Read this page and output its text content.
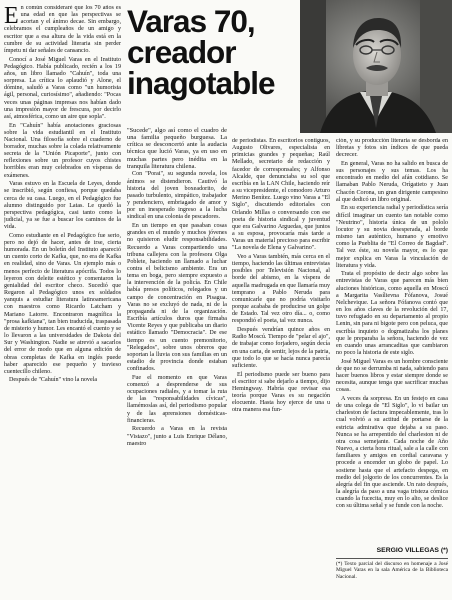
En común consideraré que los 70 años es una edad en que las perspectivas se acortan y el ánimo decae. Sin embargo, celebramos el cumpleaños de un amigo y escritor que a esa altura de la vida está en la cumbre de su actividad literaria sin perder ímpetu ni dar señales de cansancio.

Conocí a José Miguel Varas en el Instituto Pedagógico. Había publicado, recién a los 19 años, un libro llamado "Cahuín", toda una sorpresa. La crítica lo aplaudió y Alone, el dómine, saludó a Varas como "un humorista ágil, personal, curiosísimo", añadiendo: "Pocas veces unas páginas impresas nos habían dado una impresión mayor de frescura, por decirlo así, atmosférica, como un aire que sopla".

En "Cahuín" había anotaciones graciosas sobre la vida estudiantil en el Instituto Nacional. Una filosofía sobre el cuaderno de borrador, muchas sobre la colada relativamente secreta de la "Unión Picaporte", junto con reflexiones sobre un profesor cuyos chistes horribles eran muy celebrados en vísperas de exámenes.

Varas estuvo en la Escuela de Leyes, donde se inscribió, según confiesa, porque quedaba cerca de su casa. Luego, en el Pedagógico fue alumno distinguido por Latas. Le quedó la perspectiva pedagógica, casi tanto como la judicial, ya se fue a buscar los caminos de la vida.

Como estudiante en el Pedagógico fue serio, pero no dejó de hacer, antes de irse, cierta humorada. En un boletín del Instituto apareció un cuento corto de Kafka, que, no era de Kafka en realidad, sino de Varas. Un ejemplo más o menos perfecto de literatura apócrifa. Todos lo leyeron con deleite estético y comentaron la genialidad del escritor checo. Sucedió que Regaron al Pedagógico unos ex soldados yanquis a estudiar literatura latinoamericana con maestros como Ricardo Latcham y Mariano Latorre. Encontraron magnífica la "prosa kafkiana", tan bien traducida, traspasada de misterio y humor. Les encantó el cuento y se lo llevaron a las universidades de Dakota del Sur y Washington. Nadie se atrevió a sacarlos del error de modo que en alguna edición de obras completas de Kafka en inglés puede haber aparecido ese pequeño y travieso cuentecillo chileno.

Después de "Cahuín" vino la novela

Varas 70,
creador
inagotable

"Sucede", algo así como el cuadro de una familia pequeño burguesa. La crítica se desconcertó ante la audacia técnica que lució Varas, ya en uso en muchas partes pero inédita en la tranquila literatura chilena.

Con "Porai", su segunda novela, los ánimos se distendieron. Cautivó la historia del joven boxeadorito, de pasado turbulento, simpático, trabajador y pendenciero, embriagado de amor y por un inesperado ingreso a la lucha sindical en una colonia de pescadores.

En un tiempo en que pasaban cosas grandes en el mundo y muchos jóvenes no quisieron eludir responsabilidades. Recuerdo a Varas compartiendo una tribuna callejera con la profesora Olga Poblete, haciendo un llamado a luchar contra el belicismo ambiente. Era un tema en boga, pero siempre expuesto a la intervención de la policía. En Chile había presos políticos, relegados y un campo de concentración en Pisagua. Varas no se excluyó de nada, ni de la propaganda ni de la organización. Escribía artículos duros que firmaba Vicente Reyes y que publicaba un diario estático llamado "Democracia". De ese tiempo es un cuento premonitorio, "Relegados", sobre unos obreros que soportan la lluvia con sus familias en un estadio de provincia donde estaban confinados.

Fue el momento en que Varas comenzó a desprenderse de sus ocupaciones radiales, y a tomar la ruta de las "responsabilidades cívicas", llamémoslas así, del periodismo popular y de las aprensiones domésticas-financieras.

Recuerdo a Varas en la revista "Vistazo", junto a Luis Enrique Délano, maestro

de periodistas. En escritorios contiguos, Augusto Olivares, especialista en primicias grandes y pequeñas; Raúl Mellado, secretario de redacción y facedor de corresponsales; y Alfonso Alcalde, que denunciaba su sol que escribía en la LAN Chile, haciendo reír a su vicepresidente, el comodoro Arturo Merino Benítez. Luego vino Varas a "El Siglo", discutiendo editoriales con Orlando Millas o conversando con ese poeta de historia sindical y juventud que era Galvarino Arguedas, que juntos a su esposa, provocaría más tarde a Varas un material precioso para escribir "La novela de Elena y Galvarino".

Veo a Varas también, más cerca en el tiempo, haciendo las últimas entrevistas posibles por Televisión Nacional, al borde del abismo, en la víspera de aquella madrugada en que llamaría muy temprano a Pablo Neruda para comunicarle que no podría visitarlo porque acababa de producirse un golpe de Estado. Tal vez otro día... o, como respondió el poeta, tal vez nunca.

Después vendrían quince años en Radio Moscú. Tiempo de "pelar el ajo", de trabajar como forjadero, según decía en una carta, de sentir, lejos de la patria, que todo lo que se hacía nunca parecía suficiente.

El periodismo puede ser bueno para el escritor si sabe dejarlo a tiempo, dijo Hemingway. Habría que revisar esa teoría porque Varas es su negación elocuente. Hasta hoy ejerce de una u otra manera esa fun-

ción, y su producción literaria se desborda en libretas y fotos sin índices de que pueda decrecer.

En general, Varas no ha salido en busca de sus personajes y sus temas. Los ha encontrado en medio del afán cotidiano. Se llamaban Pablo Neruda, Orígatieto y Juan Chacón Corona, un gran dirigente campesino al que dedicó un libro original.

En su experiencia radial y periodística sería difícil imaginar un cuento tan notable como "Neutrino", historia única de un pololo locutor y su novia desesperada, al borde mismo tan auténtico, humano y emotivo como la Pueblita de "El Correo de Bagdad". Tal vez éste, su novela mayor, es lo que mejor explica en Varas la vinculación de literatura y vida.

Trata el propósito de decir algo sobre las entrevistas de Varas que parecen más bien aluciones históricas, como aquella en Moscú a Margarita Vasílievna Fófanova, Josué Nelchevique. La señora Fófanova contó que en los años claves de la revolución del 17, tuvo refugiado en su departamento al propio Lenin, sin para ni bigote pero con peluca, que escribía inquieto o dogmatizaba los planes que le preparaba la señora, haciendo de vez en cuando unas arrancaditas que cambiaron no poco la historia de este siglo.

José Miguel Varas es un hombre consciente de que no se derrumba ni nada, sabiendo para hacer buenos libros y estar siempre donde se necesita, aunque tenga que sacrificar muchas cosas.

A veces da sorpresa. En un festejo en casa de una colega de "El Siglo", lo vi bailar un charleston de factura impecablemente, tras lo cual volvió a su actitud de portarse de la estricta admirativa que dejaba a su paso. Nunca se ha arrepentido del charleston ni de otra cosa semejante. Cada noche de Año Nuevo, a cierta hora ritual, sale a la calle con familiares y amigos en cordial caravana y procede a encender un globo de papel. Lo sostiene hasta que el artefacto despega, en medio del jolgorio de los concurrentes. Es la alegría del fin que asciende. Un rato después, la alegría da paso a una vaga tristeza cómica cuando la fucecita, muy en lo alto, se deslice con su última señal y se funde con la noche.

SERGIO VILLEGAS (*)
(*) Texto parcial del discurso en homenaje a José Miguel Varas en la sala América de la Biblioteca Nacional.
